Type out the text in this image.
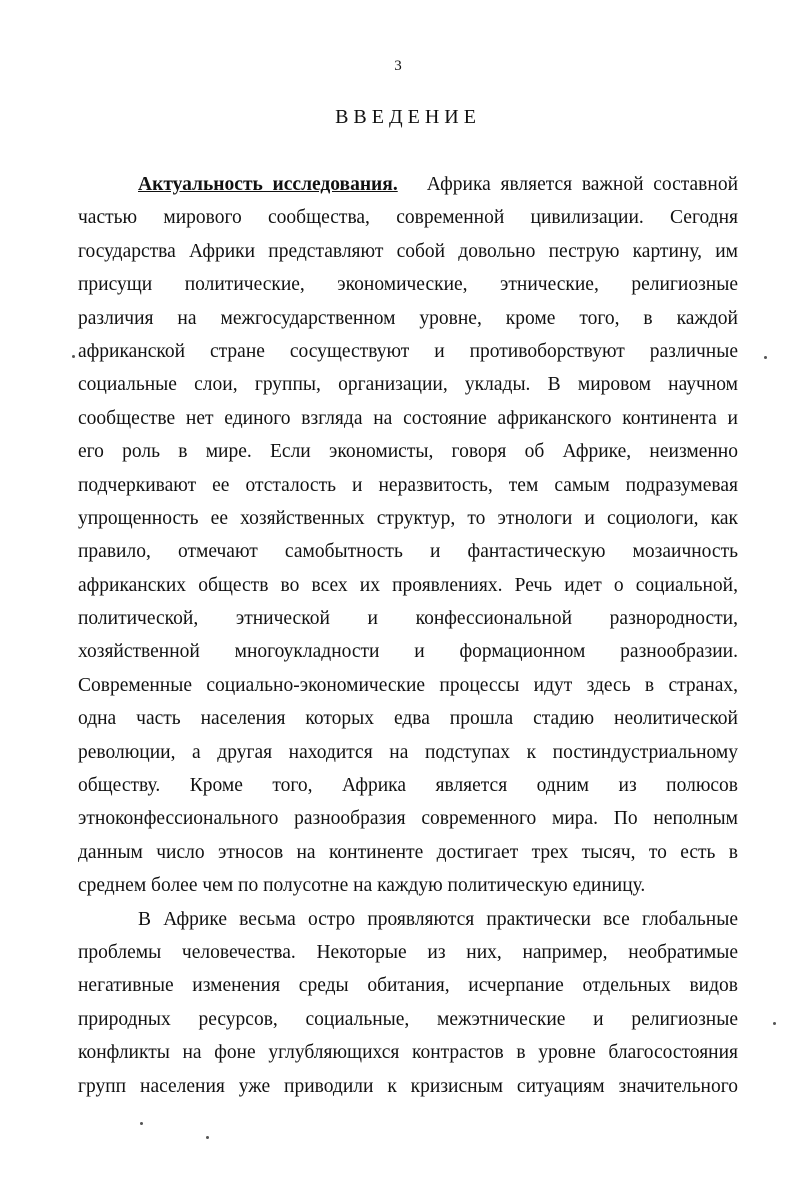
3
ВВЕДЕНИЕ
Актуальность исследования. Африка является важной составной
частью мирового сообщества, современной цивилизации. Сегодня
государства Африки представляют собой довольно пеструю картину, им
присущи политические, экономические, этнические, религиозные
различия на межгосударственном уровне, кроме того, в каждой
африканской стране сосуществуют и противоборствуют различные
социальные слои, группы, организации, уклады. В мировом научном
сообществе нет единого взгляда на состояние африканского континента и
его роль в мире. Если экономисты, говоря об Африке, неизменно
подчеркивают ее отсталость и неразвитость, тем самым подразумевая
упрощенность ее хозяйственных структур, то этнологи и социологи, как
правило, отмечают самобытность и фантастическую мозаичность
африканских обществ во всех их проявлениях. Речь идет о социальной,
политической, этнической и конфессиональной разнородности,
хозяйственной многоукладности и формационном разнообразии.
Современные социально-экономические процессы идут здесь в странах,
одна часть населения которых едва прошла стадию неолитической
революции, а другая находится на подступах к постиндустриальному
обществу. Кроме того, Африка является одним из полюсов
этноконфессионального разнообразия современного мира. По неполным
данным число этносов на континенте достигает трех тысяч, то есть в
среднем более чем по полусотне на каждую политическую единицу.
В Африке весьма остро проявляются практически все глобальные
проблемы человечества. Некоторые из них, например, необратимые
негативные изменения среды обитания, исчерпание отдельных видов
природных ресурсов, социальные, межэтнические и религиозные
конфликты на фоне углубляющихся контрастов в уровне благосостояния
групп населения уже приводили к кризисным ситуациям значительного
